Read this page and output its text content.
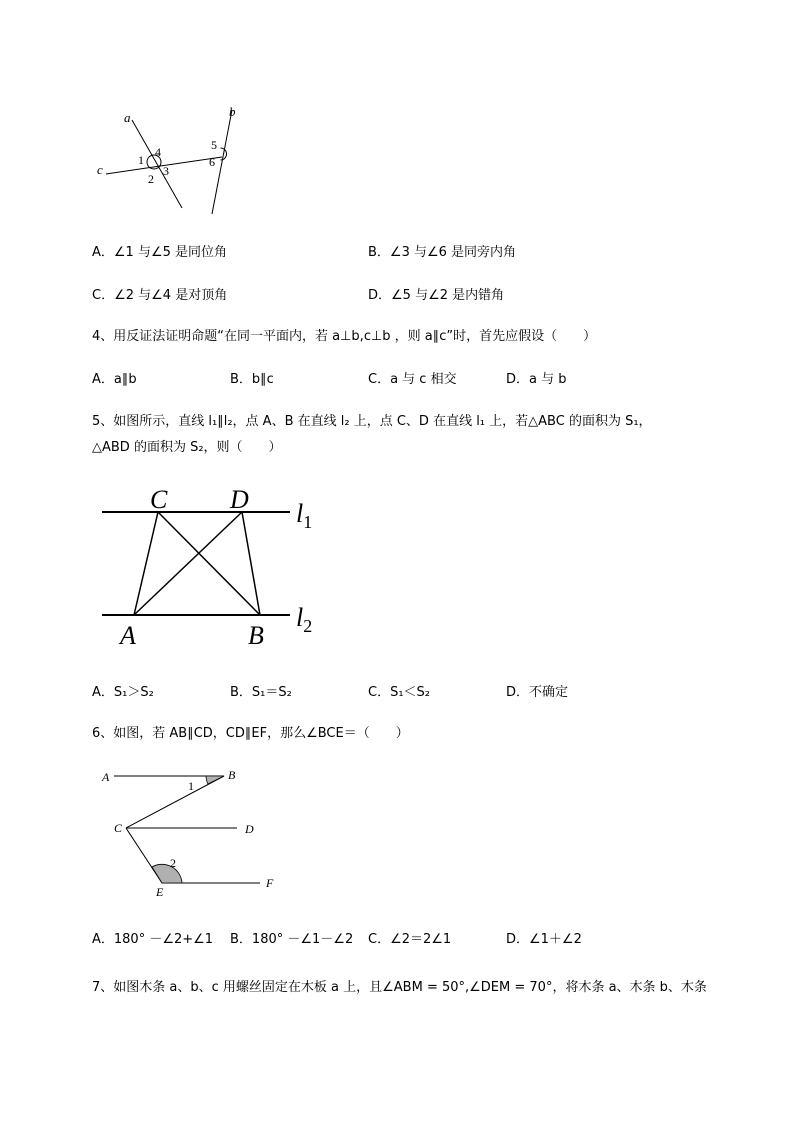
a	b
c
1
4
2
3
5
6
A．∠1 与∠5 是同位角	B．∠3 与∠6 是同旁内角
C．∠2 与∠4 是对顶角	D．∠5 与∠2 是内错角
4、用反证法证明命题“在同一平面内，若 a⊥b,c⊥b ，则 a∥c”时，首先应假设（　　）
A．a∥b	B．b∥c	C．a 与 c 相交	D．a 与 b
5、如图所示，直线 l₁∥l₂，点 A、B 在直线 l₂ 上，点 C、D 在直线 l₁ 上，若△ABC 的面积为 S₁，
△ABD 的面积为 S₂，则（　　）
C D
A	B
$l_1$
$l_2$
A．S₁＞S₂	B．S₁＝S₂	C．S₁＜S₂	D．不确定
6、如图，若 AB∥CD，CD∥EF，那么∠BCE＝（　　）
A	B
C	D
E
F
1
2
A．180° －∠2+∠1 B．180° －∠1－∠2 C．∠2＝2∠1	D．∠1＋∠2
7、如图木条 a、b、c 用螺丝固定在木板 a 上，且∠ABM = 50°,∠DEM = 70°，将木条 a、木条 b、木条
